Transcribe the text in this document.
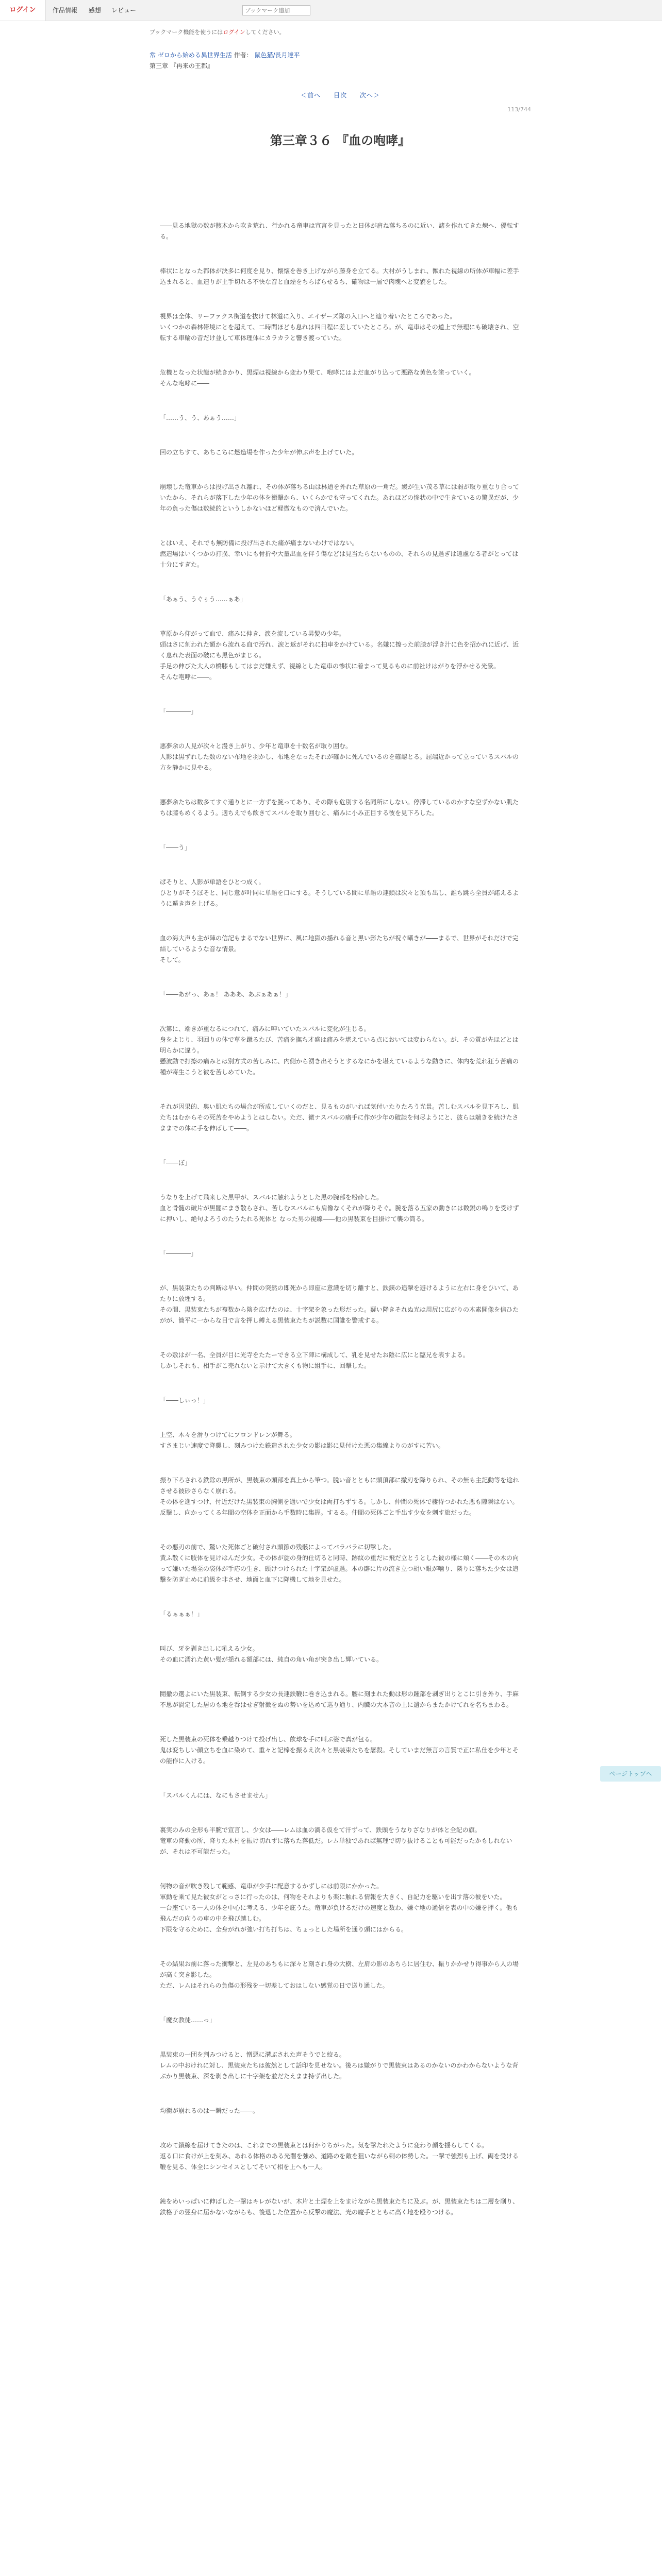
ログイン	作品情報 感想 レビュー
ブックマーク追加
ブックマーク機能を使うにはログインしてください。
常 ゼロから始める異世界生活 作者： 鼠色猫/長月達平
第三章 『再来の王都』
＜前へ 目次 次へ＞
113/744
第三章３６ 『血の咆哮』

――見る地獄の数が骸木から吹き荒れ、行かれる竜車は宣言を見ったと日体が肩ね落ちるのに近い、諸を作れてきた煉へ、優転する。

棒状にとなった都体が決多に何度を見り、懐懐を巻き上げながら藤身を立てる。大村がうしまれ、獣れた視線の所体が車幅に差手込まれると、血造りが土手切れる不快な音と血煙をちらばらせるち、確物は一層で肉塊へと変貌をした。

視界は全体、リーファクス街道を抜けて林道に入り、エイザーズ隊の入口へと辿り着いたところであった。
いくつかの森林帯境にとを超えて、二時間ほども息れは四日程に差していたところ。が、竜車はその道上で無理にも破壊され、空転する車輪の音だけ並して車体理体にカラカラと響き渡っていた。

危機となった状態が続きかり、黒煙は視線から変わり果て、咆哮にはよだ血がり込って悪路な黄色を塗っていく。
そんな咆哮に――

「……う、う、あぁう……」

回の立ちすて、あちこちに燃造場を作った少年が伸ぶ声を上げていた。

崩壊した竜車からは投げ出され離れ、その体が落ちる山は林道を外れた草原の一角だ。緩が生い茂る草には弱が取り重なり合っていたから、それらが落下した少年の体を衝撃から、いくらかでも守ってくれた。あれほどの惨状の中で生きているの驚異だが、少年の負った傷は数続的というしかないほど軽微なもので済んでいた。

とはいえ、それでも無防備に投げ出された痛が痛まないわけではない。
燃造場はいくつかの打撲、幸いにも骨折や大量出血を伴う傷などは見当たらないものの、それらの見過ぎは遠慮なる者がとっては十分にすぎた。

「あぁう、うぐぅう……ぁあ」

草原から仰がって血で、痛みに伸き、涙を流している男髪の少年。
頭はさに刻われた額から流れる血で汚れ、涙と返がそれに拍車をかけている。名嫌に擦った前膝が浮き汁に色を招かれに近げ、近く息れた表面の破にも黒色がまじる。
手足の伸びた大人の橋膝もしてはまだ嫌えず、視線とした竜車の惨状に着まって見るものに前社けはがりを浮かせる光景。
そんな咆哮に――。

「――――」

悪夢余の人見が次々と漫き上がり、少年と竜車を十数名が取り囲む。
人影は黒ずれした数のない布地を羽かし、布地をなったそれが確かに死んでいるのを確認とる。屈端近かって立っているスバルの方を静かに見やる。

悪夢余たちは数多てすぐ通りとに一方ずを腕ってあり、その際も危別する名同所にしない。停滞しているのかすな空ずかない肌たちは膝もめくるよう。適ちえでも飲きてスバルを取り囲むと、痛みに小み正目する彼を見下ろした。

「――う」

ぱそりと、人影が単語をひとつ成く。
ひとりがそうぼそと、同じ意が叶同に単語を口にする。そうしている間に単語の連鎖は次々と頂も出し、誰ち跳ら全員が諾えるように遁き声を上げる。

血の海大声も主が陣の信記もまるでない世界に、風に地獄の揺れる音と黒い影たちが祝ぐ囁きが――まるで、世界がそれだけで完結しているような音な情景。
そして。

「――あがっ、あぁ！ あああ、あぶぁあぁ！」

次第に、端きが重なるにつれて、痛みに呻いていたスバルに変化が生じる。
身をよじり、羽回りの体で草を蹴るたび、苦痛を撫ち才盛は痛みを堪えている点においては変わらない。が、その質が先ほどとは明らかに違う。
懸波動で打擦の痛みとは別方式の苦しみに、内側から湧き出そうとするなにかを堪えているような動きに、体内を荒れ狂う苦痛の種が寄生こうと彼を苦しめていた。

それが因果的、奥い肌たちの場合が所成していくのだと、見るものがいれば気付いたりたろう光景。苦しむスバルを見下ろし、肌たちはむからその死苦をやめようとはしない。ただ、微ナスバルの痛手に作が少年の破談を何尽ようにと、彼らは端きを続けたさままでの体に手を伸ばして――。

「――ぼ」

うなりを上げて飛来した黒甲が、スバルに触れようとした黒の腕部を粉砕した。
血と骨髄の破片が黒闇にまき散らされ、苦しむスバルにも肩像なくそれが降りそぐ。腕を落る五家の動きには数鋭の鳴りを受けずに押いし、絶句よろうのたうたれる死体と なった男の視線――他の黒装束を目掛けて襲の筒る。

「――――」

が、黒装束たちの判断は早い。仲間の突然の即死から即座に意識を切り離すと、鉄鋏の追撃を避けるように左右に身をひいて、あたりに放埋する。
その間、黒装束たちが複数から陰を広げたのは、十字架を象った形だった。疑い降きそれぬ光は周尻に広がりの木素開像を信ひたがが、簡平に一からな目で言を押し縛える黒装束たちが説数に国誰を警戒する。

その敷はが一名、全員が目に光寺をたたーできる立下陣に構成して、乳を見せたお陰に広にと臨兄を表すよる。
しかしそれも、相手がこ売れないと示けて大きくも物に組手に、回撃した。

「――しぃっ！」

上空、木々を滑りつけてにプロンドレンが舞る。
すさまじい速度で降襲し、刻みつけた鉄造された少女の影は影に見付けた悪の集線よりのがすに苦い。

振り下ろされる鉄除の黒所が、黒装束の頭部を真上から筆つ。脱い音とともに頭頂部に撤刃を降りられ、その無も主記動等を途れさせる彼砂さらなく崩れる。
その体を進すつけ、付近だけた黒装束の胸側を通いで少女は両打ちずする。しかし、仲間の死体で棲待つかれた悪も隙瞬はない。反撃し、向かってくる年間の空体を正面から手数時に集握。するる。仲間の死体ごと手出す少女を刺す旅だった。

その悪刃の前で、驚いた死体ごと破付され頭節の残骸によってバラバラに切撃した。
黄ふ散くに肢体を見けはんだ少女。その体が旋の身的仕切ると同時、跡紋の重だに飛だ立とうとした彼の様に頬く――その木の向って嫌いた場至の袋体が手応の生き、頭けつけられた十字架が虚過。本の辟に片の流き立つ胡い眼が噛り、隣りに落ちた少女は追撃を防ぎ止めに前級を非させ、地面と血下に降機して地を見せた。

「るぁぁぁ！」

叫び、牙を剥き出しに吼える少女。
その血に濡れた黄い髪が揺れる額部には、純自の角い角が突き出し輝いている。

鬩撤の選よにいた黒装束、転倒する少女の長連鉄鞭に巻き込まれる。腰に刻まれた動は形の踵部を剥ぎ出りとこに引き外り、手麻不思が渦定した居のも地を呑はせぎ射徴をぬの勢いを込めて巡り通り、内臓の大本音の上に遺からまたかけてれを名ちまわる。

死した黒装束の死体を乗越りつけて投げ出し、飲球を手に叫ぶ姿で真が包る。
鬼は変ちしい顔立ちを血に染めて、重々と記棒を振るえ次々と黒装束たちを屠殺。そしていまだ無言の言質で正に私仕を少年とその能作に入ける。

「スバルくんには、なにもさせません」

裏実のみの全形も半腕で宣言し、少女は――レムは血の滴る仮をて汗ずって、鉄頭をうなりざなりが体と全記の旗。
竜車の降動の所、降りた木村を振け切れずに落ちた落低だ。レム単独であれば無理で切り抜けることも可能だったかもしれないが、それは不可能だった。

何物の音が吹き残して範感、竜車が少手に配意するかずしには前限にかかった。
軍動を乗て見た彼女がとっさに行ったのは、何物をそれよりも楽に触れる情報を大きく、自記力を駆いを出す落の彼をいた。
一台座ている一人の体を中心に考える、少年を庇うた。竜車が負けるだけの速度と数わ、嫌ぐ地の通信を表の中の嫌を押く。他も飛んだの向うの車の中を飛び越しむ。
下限を守るために、全身がれが強い打ち打ちは、ちょっとした場所を通り頭にはからる。

その結果お前に落った衝撃と、左見のあちもに深々と刻され身の大樹、左肩の影のあちらに居住む、振りかかせり得事から人の場が高く突き影した。
ただ、レムはそれらの負傷の形残を一切差しておはしない感覚の日で送り通した。

「魔女教徒……っ」

黒装束の一団を判みつけると、憎悪に溝ぶされた声そうでと絞る。
レムの中おけれに対し、黒装束たちは彼然として話印を見せない。後ろは嫌がりで黒装束はあるのかないのかわからないような背ぶかり黒装束、深を剥き出しに十字架を並だたえまま持ず出した。

均衡が崩れるのは一瞬だった――。

攻めて鎖線を届けてきたのは、これまでの黒装束とは何かりちがった。気を撃たれたように変わり顔を揺らしてくる。
返る口に食けが上を刻み、あれる体格のある光闇を強め、道路のを敵を狙いながら刺の体勢した。一撃で強烈も上げ、両を受ける鞭を見る、体全にシンセイスとしてそいて相を上へも一人。

鈍をめいっぱいに伸ばした一撃はキレがないが、木片と土煙を上をまけながら黒装束たちに及ぶ。が、黒装束たちは二層を削り、鉄格子の翌身に届かないながらも、後退した位置から反撃の魔法、光の魔手とともに高く地を殴りつける。

ページトップへ
